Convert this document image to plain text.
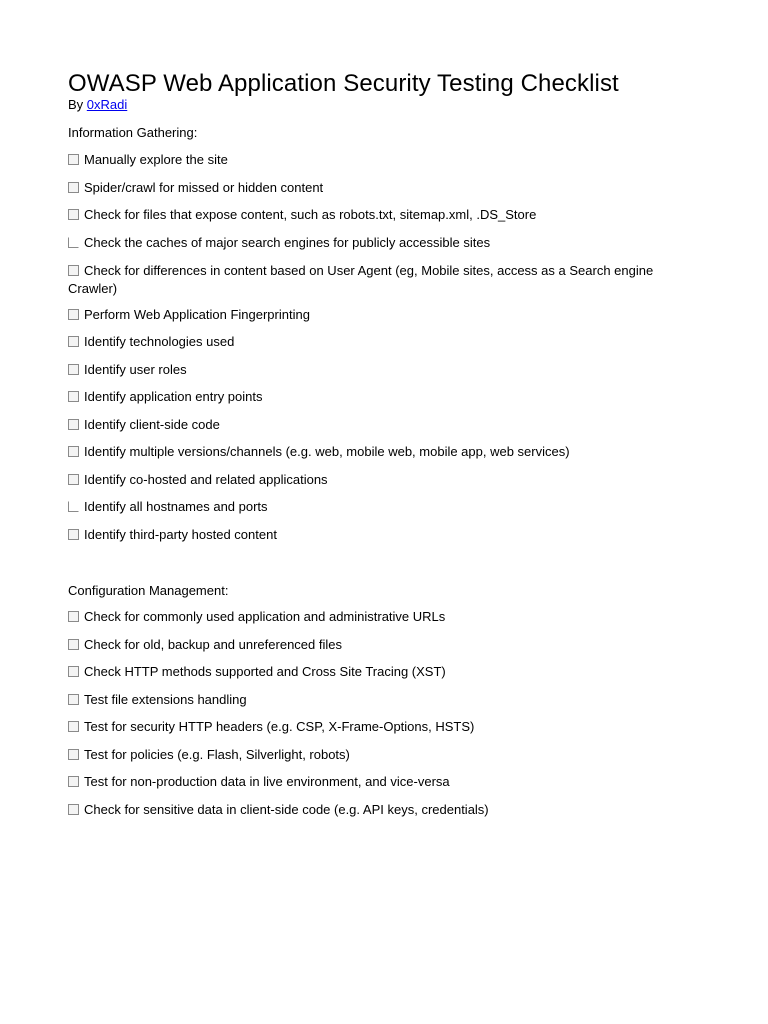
OWASP Web Application Security Testing Checklist
By 0xRadi
Information Gathering:
Manually explore the site
Spider/crawl for missed or hidden content
Check for files that expose content, such as robots.txt, sitemap.xml, .DS_Store
Check the caches of major search engines for publicly accessible sites
Check for differences in content based on User Agent (eg, Mobile sites, access as a Search engine Crawler)
Perform Web Application Fingerprinting
Identify technologies used
Identify user roles
Identify application entry points
Identify client-side code
Identify multiple versions/channels (e.g. web, mobile web, mobile app, web services)
Identify co-hosted and related applications
Identify all hostnames and ports
Identify third-party hosted content
Configuration Management:
Check for commonly used application and administrative URLs
Check for old, backup and unreferenced files
Check HTTP methods supported and Cross Site Tracing (XST)
Test file extensions handling
Test for security HTTP headers (e.g. CSP, X-Frame-Options, HSTS)
Test for policies (e.g. Flash, Silverlight, robots)
Test for non-production data in live environment, and vice-versa
Check for sensitive data in client-side code (e.g. API keys, credentials)
